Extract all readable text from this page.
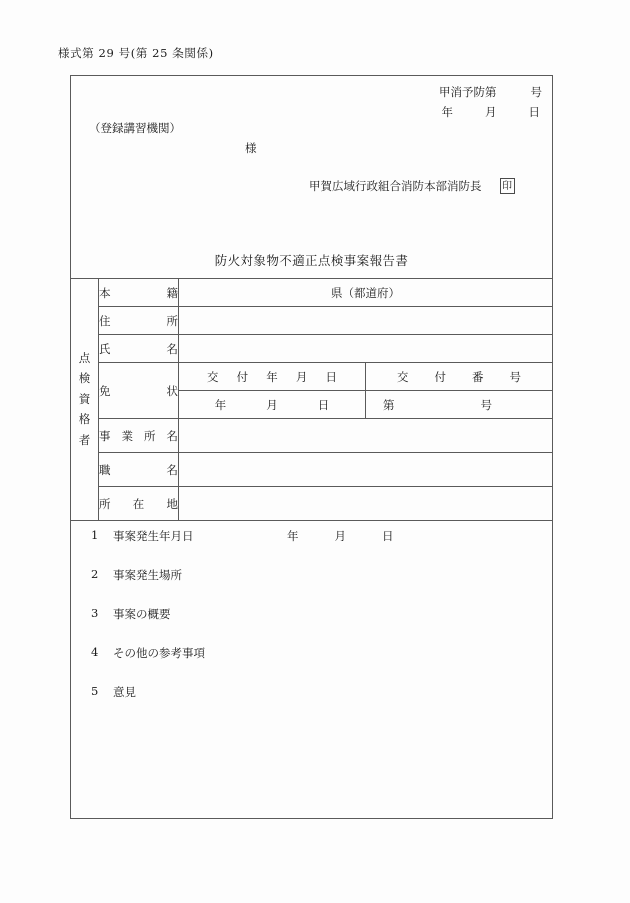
様式第 29 号(第 25 条関係)
甲消予防第	号
年	月	日
（登録講習機関）
様
甲賀広域行政組合消防本部消防長 印
防火対象物不適正点検事案報告書
点
検
資
格
者
	本籍	県（都道府）
住所	
氏名	
免状	
交付年月日	交付番号
年	月	日	第	号

事業所名	
職名	
所在地	
1 事案発生年月日	年	月	日
2 事案発生場所
3 事案の概要
4 その他の参考事項
5 意見
